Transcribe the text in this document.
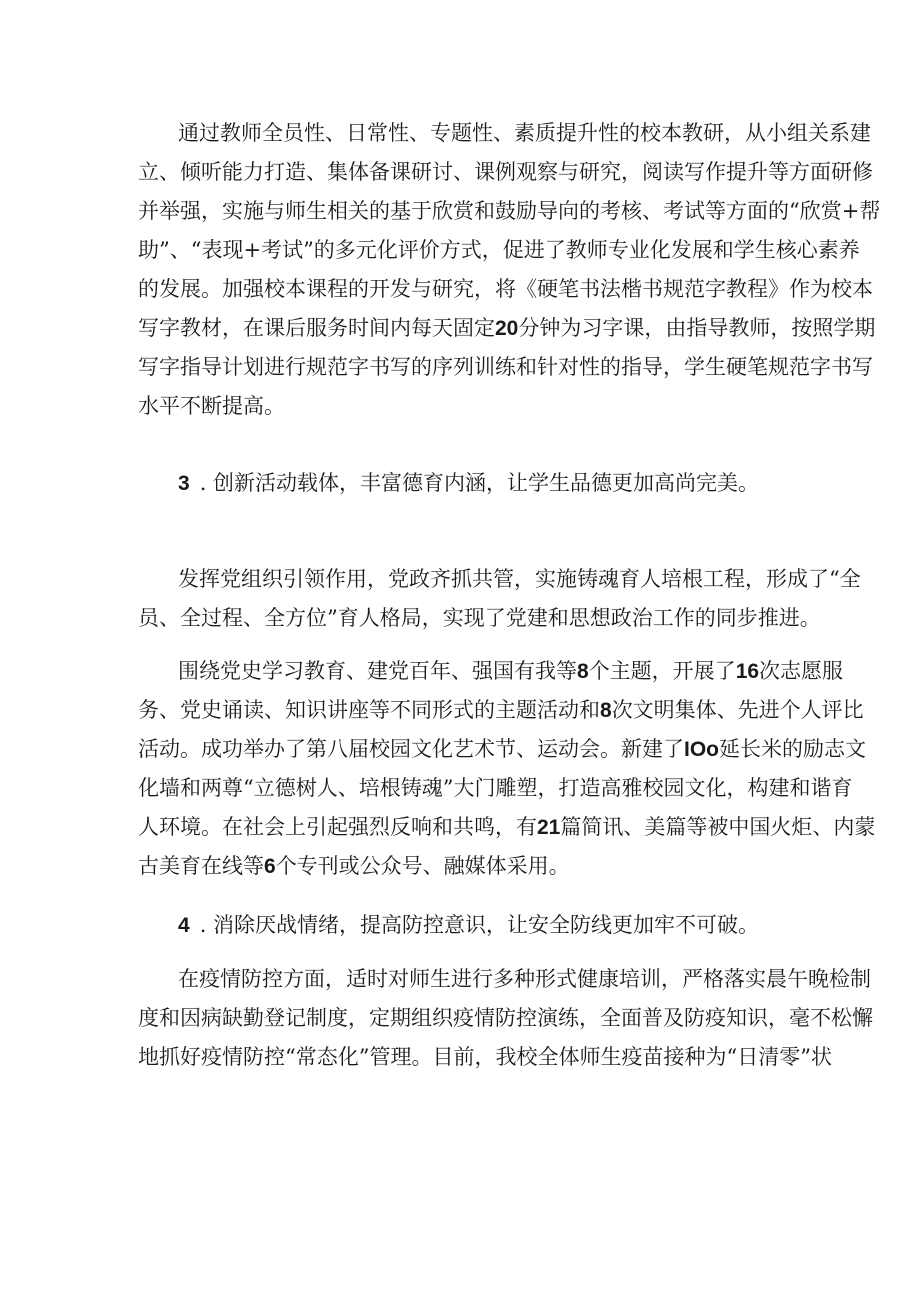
通过教师全员性、日常性、专题性、素质提升性的校本教研，从小组关系建
立、倾听能力打造、集体备课研讨、课例观察与研究，阅读写作提升等方面研修
并举强，实施与师生相关的基于欣赏和鼓励导向的考核、考试等方面的“欣赏+帮
助”、“表现+考试”的多元化评价方式，促进了教师专业化发展和学生核心素养
的发展。加强校本课程的开发与研究，将《硬笔书法楷书规范字教程》作为校本
写字教材，在课后服务时间内每天固定20分钟为习字课，由指导教师，按照学期
写字指导计划进行规范字书写的序列训练和针对性的指导，学生硬笔规范字书写
水平不断提高。
3 . 创新活动载体，丰富德育内涵，让学生品德更加高尚完美。
发挥党组织引领作用，党政齐抓共管，实施铸魂育人培根工程，形成了“全
员、全过程、全方位”育人格局，实现了党建和思想政治工作的同步推进。
围绕党史学习教育、建党百年、强国有我等8个主题，开展了16次志愿服
务、党史诵读、知识讲座等不同形式的主题活动和8次文明集体、先进个人评比
活动。成功举办了第八届校园文化艺术节、运动会。新建了IOo延长米的励志文
化墙和两尊“立德树人、培根铸魂”大门雕塑，打造高雅校园文化，构建和谐育
人环境。在社会上引起强烈反响和共鸣，有21篇简讯、美篇等被中国火炬、内蒙
古美育在线等6个专刊或公众号、融媒体采用。
4 . 消除厌战情绪，提高防控意识，让安全防线更加牢不可破。
在疫情防控方面，适时对师生进行多种形式健康培训，严格落实晨午晚检制
度和因病缺勤登记制度，定期组织疫情防控演练，全面普及防疫知识，毫不松懈
地抓好疫情防控“常态化”管理。目前，我校全体师生疫苗接种为“日清零”状
